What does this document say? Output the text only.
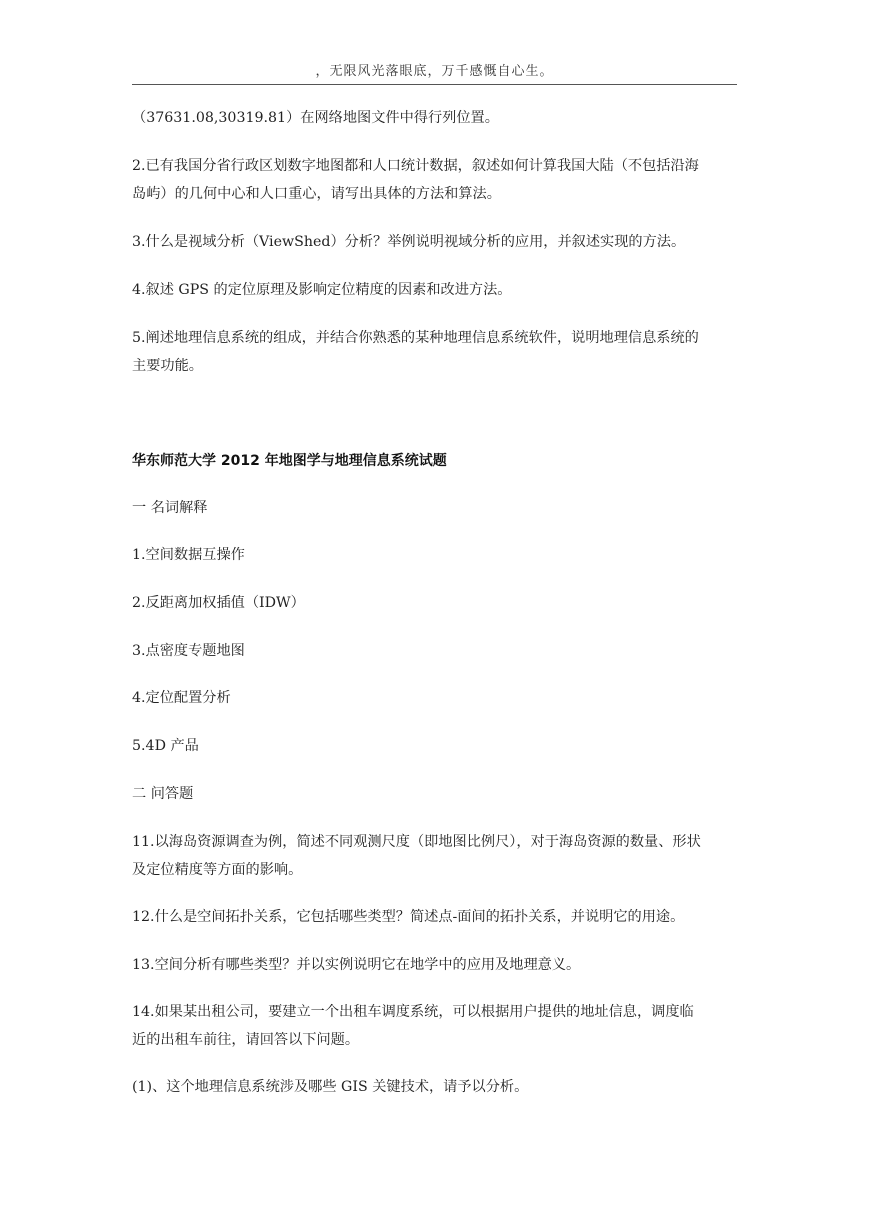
，无限风光落眼底，万千感慨自心生。
（37631.08,30319.81）在网络地图文件中得行列位置。
2.已有我国分省行政区划数字地图都和人口统计数据，叙述如何计算我国大陆（不包括沿海
岛屿）的几何中心和人口重心，请写出具体的方法和算法。
3.什么是视域分析（ViewShed）分析？举例说明视域分析的应用，并叙述实现的方法。
4.叙述 GPS 的定位原理及影响定位精度的因素和改进方法。
5.阐述地理信息系统的组成，并结合你熟悉的某种地理信息系统软件，说明地理信息系统的
主要功能。
华东师范大学 2012 年地图学与地理信息系统试题
一 名词解释
1.空间数据互操作
2.反距离加权插值（IDW）
3.点密度专题地图
4.定位配置分析
5.4D 产品
二 问答题
11.以海岛资源调查为例，简述不同观测尺度（即地图比例尺），对于海岛资源的数量、形状
及定位精度等方面的影响。
12.什么是空间拓扑关系，它包括哪些类型？简述点-面间的拓扑关系，并说明它的用途。
13.空间分析有哪些类型？并以实例说明它在地学中的应用及地理意义。
14.如果某出租公司，要建立一个出租车调度系统，可以根据用户提供的地址信息，调度临
近的出租车前往，请回答以下问题。
(1)、这个地理信息系统涉及哪些 GIS 关键技术，请予以分析。
